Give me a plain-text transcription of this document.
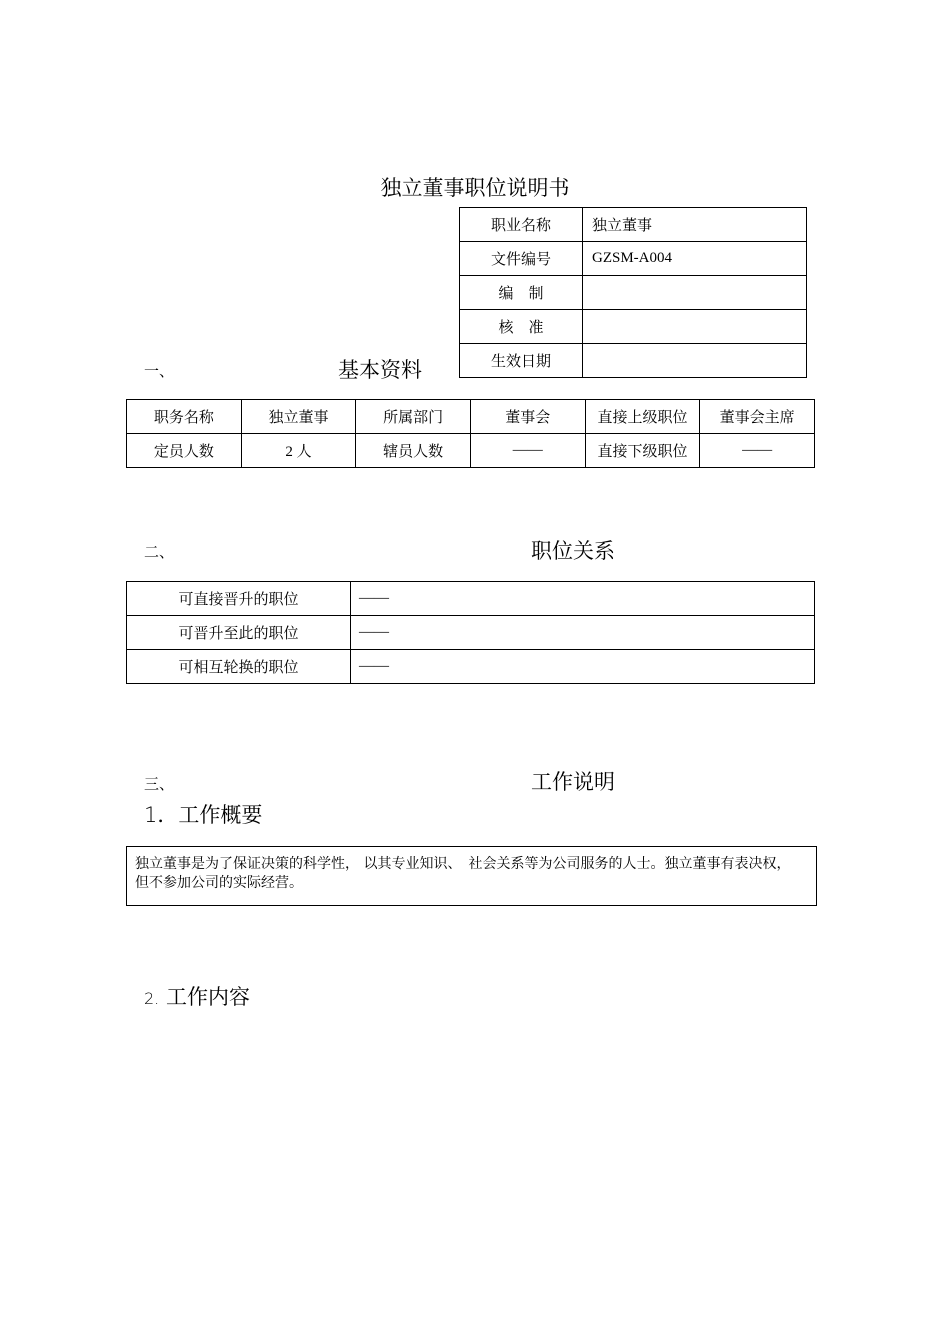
独立董事职位说明书
职业名称	独立董事
文件编号	GZSM-A004
编　制	
核　准	
生效日期	
一、	基本资料
职务名称	独立董事	所属部门	董事会	直接上级职位	董事会主席
定员人数	2 人	辖员人数	——	直接下级职位	——
二、	职位关系
可直接晋升的职位	——
可晋升至此的职位	——
可相互轮换的职位	——
三、	工作说明
1．工作概要
独立董事是为了保证决策的科学性， 以其专业知识、　社会关系等为公司服务的人士。独立董事有表决权， 但不参加公司的实际经营。
2. 工作内容
